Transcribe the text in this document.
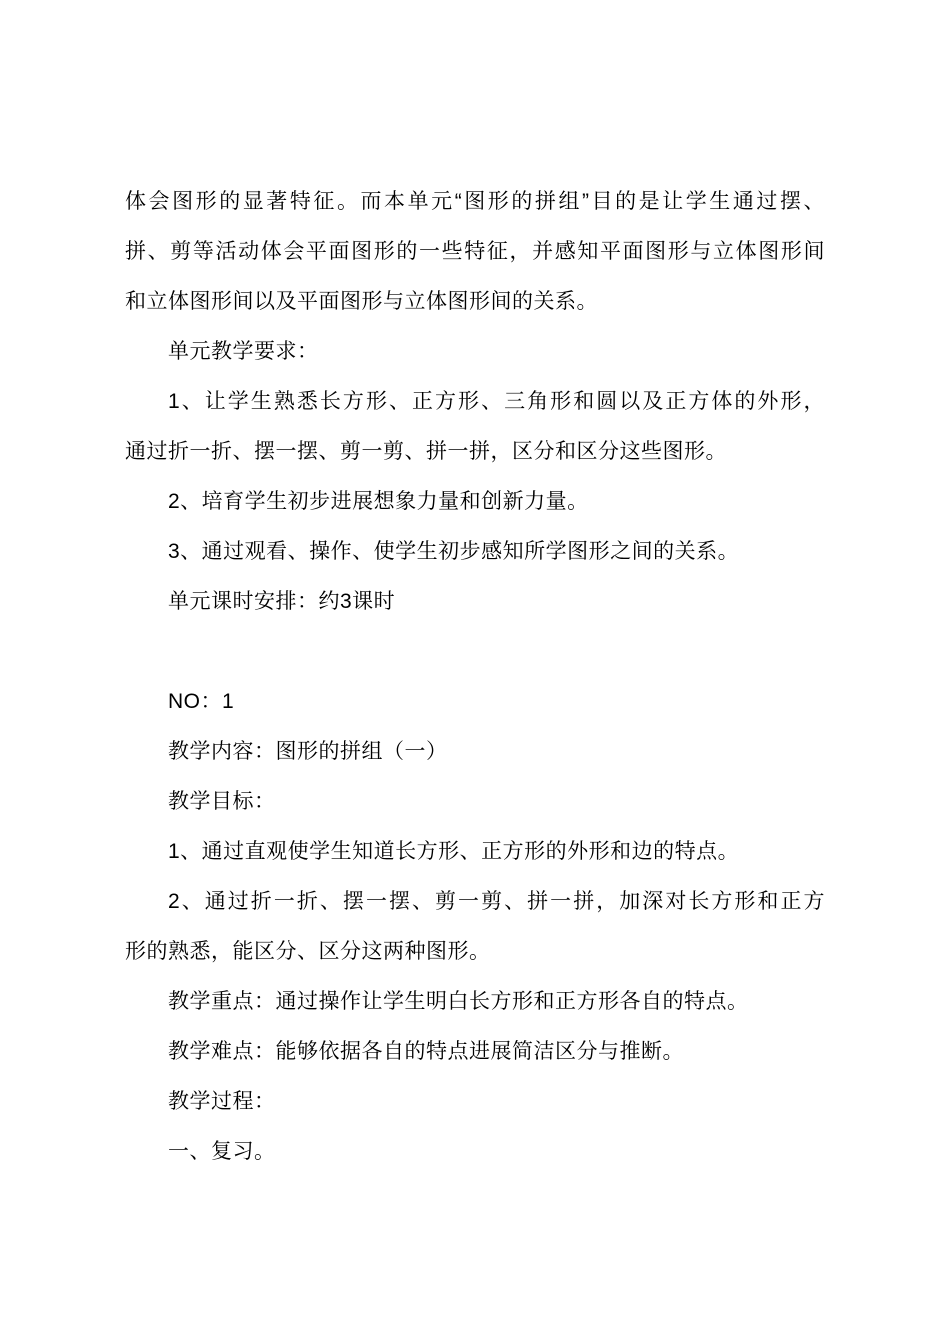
体会图形的显著特征。而本单元“图形的拼组”目的是让学生通过摆、
拼、剪等活动体会平面图形的一些特征，并感知平面图形与立体图形间
和立体图形间以及平面图形与立体图形间的关系。
单元教学要求：
1、让学生熟悉长方形、正方形、三角形和圆以及正方体的外形，
通过折一折、摆一摆、剪一剪、拼一拼，区分和区分这些图形。
2、培育学生初步进展想象力量和创新力量。
3、通过观看、操作、使学生初步感知所学图形之间的关系。
单元课时安排：约3课时
NO：1
教学内容：图形的拼组（一）
教学目标：
1、通过直观使学生知道长方形、正方形的外形和边的特点。
2、通过折一折、摆一摆、剪一剪、拼一拼，加深对长方形和正方
形的熟悉，能区分、区分这两种图形。
教学重点：通过操作让学生明白长方形和正方形各自的特点。
教学难点：能够依据各自的特点进展简洁区分与推断。
教学过程：
一、复习。
